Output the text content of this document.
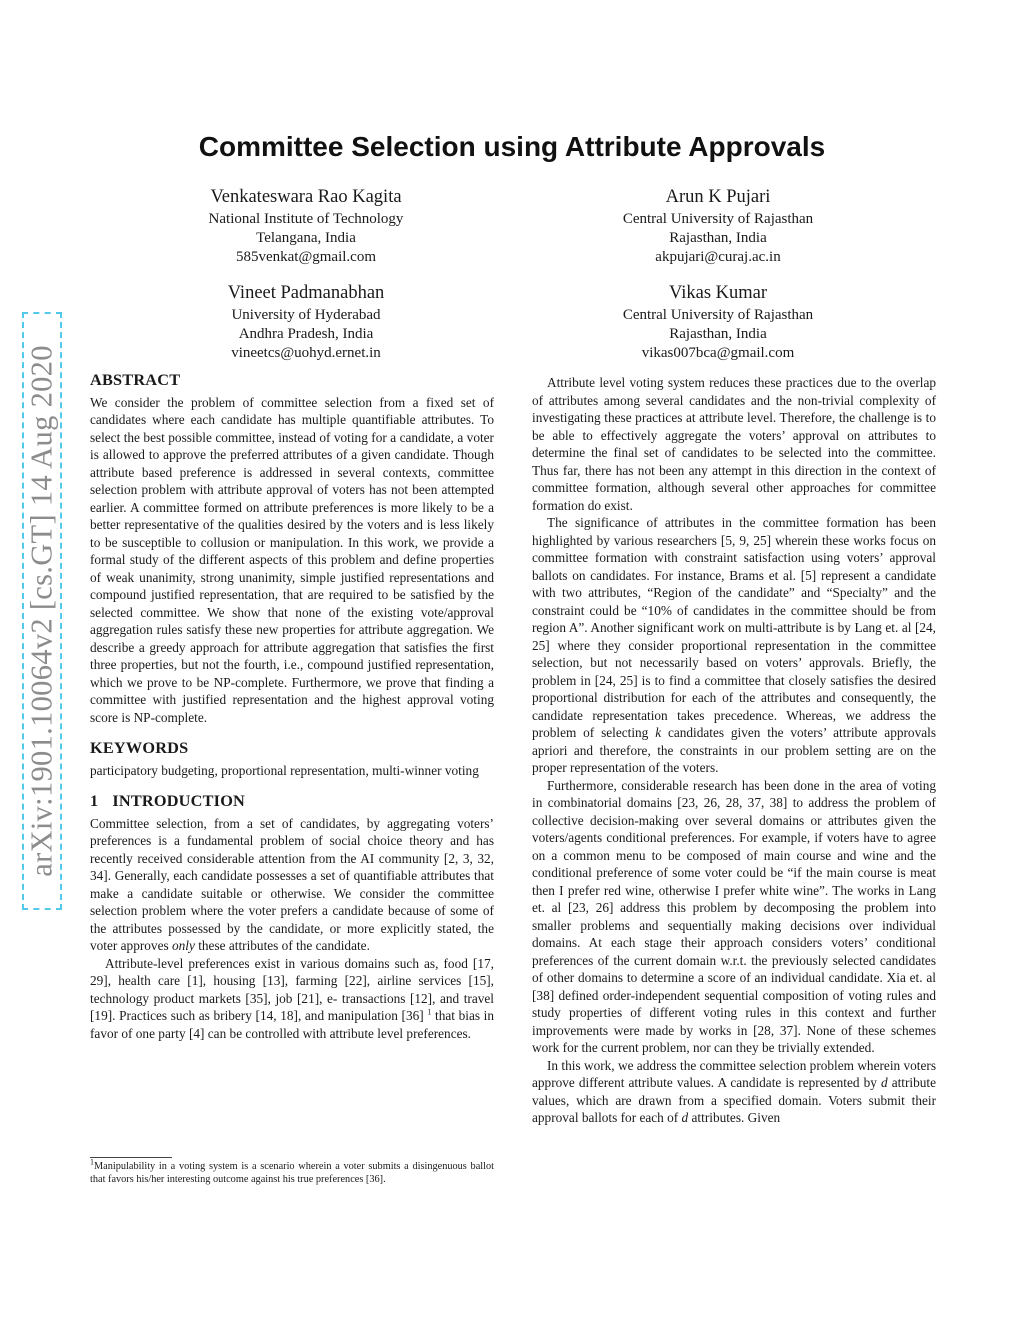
arXiv:1901.10064v2 [cs.GT] 14 Aug 2020
Committee Selection using Attribute Approvals
Venkateswara Rao Kagita
National Institute of Technology
Telangana, India
585venkat@gmail.com
Arun K Pujari
Central University of Rajasthan
Rajasthan, India
akpujari@curaj.ac.in
Vineet Padmanabhan
University of Hyderabad
Andhra Pradesh, India
vineetcs@uohyd.ernet.in
Vikas Kumar
Central University of Rajasthan
Rajasthan, India
vikas007bca@gmail.com
ABSTRACT

We consider the problem of committee selection from a fixed set of candidates where each candidate has multiple quantifiable attributes. To select the best possible committee, instead of voting for a candidate, a voter is allowed to approve the preferred attributes of a given candidate. Though attribute based preference is addressed in several contexts, committee selection problem with attribute approval of voters has not been attempted earlier. A committee formed on attribute preferences is more likely to be a better representative of the qualities desired by the voters and is less likely to be susceptible to collusion or manipulation. In this work, we provide a formal study of the different aspects of this problem and define properties of weak unanimity, strong unanimity, simple justified representations and compound justified representation, that are required to be satisfied by the selected committee. We show that none of the existing vote/approval aggregation rules satisfy these new properties for attribute aggregation. We describe a greedy approach for attribute aggregation that satisfies the first three properties, but not the fourth, i.e., compound justified representation, which we prove to be NP-complete. Furthermore, we prove that finding a committee with justified representation and the highest approval voting score is NP-complete.

KEYWORDS

participatory budgeting, proportional representation, multi-winner voting

1 INTRODUCTION

Committee selection, from a set of candidates, by aggregating voters’ preferences is a fundamental problem of social choice theory and has recently received considerable attention from the AI community [2, 3, 32, 34]. Generally, each candidate possesses a set of quantifiable attributes that make a candidate suitable or otherwise. We consider the committee selection problem where the voter prefers a candidate because of some of the attributes possessed by the candidate, or more explicitly stated, the voter approves only these attributes of the candidate.

Attribute-level preferences exist in various domains such as, food [17, 29], health care [1], housing [13], farming [22], airline services [15], technology product markets [35], job [21], e- transactions [12], and travel [19]. Practices such as bribery [14, 18], and manipulation [36] $^1$ that bias in favor of one party [4] can be controlled with attribute level preferences.

$^1$Manipulability in a voting system is a scenario wherein a voter submits a disingenuous ballot that favors his/her interesting outcome against his true preferences [36].

Attribute level voting system reduces these practices due to the overlap of attributes among several candidates and the non-trivial complexity of investigating these practices at attribute level. Therefore, the challenge is to be able to effectively aggregate the voters’ approval on attributes to determine the final set of candidates to be selected into the committee. Thus far, there has not been any attempt in this direction in the context of committee formation, although several other approaches for committee formation do exist.

The significance of attributes in the committee formation has been highlighted by various researchers [5, 9, 25] wherein these works focus on committee formation with constraint satisfaction using voters’ approval ballots on candidates. For instance, Brams et al. [5] represent a candidate with two attributes, “Region of the candidate” and “Specialty” and the constraint could be “10% of candidates in the committee should be from region A”. Another significant work on multi-attribute is by Lang et. al [24, 25] where they consider proportional representation in the committee selection, but not necessarily based on voters’ approvals. Briefly, the problem in [24, 25] is to find a committee that closely satisfies the desired proportional distribution for each of the attributes and consequently, the candidate representation takes precedence. Whereas, we address the problem of selecting k candidates given the voters’ attribute approvals apriori and therefore, the constraints in our problem setting are on the proper representation of the voters.

Furthermore, considerable research has been done in the area of voting in combinatorial domains [23, 26, 28, 37, 38] to address the problem of collective decision-making over several domains or attributes given the voters/agents conditional preferences. For example, if voters have to agree on a common menu to be composed of main course and wine and the conditional preference of some voter could be “if the main course is meat then I prefer red wine, otherwise I prefer white wine”. The works in Lang et. al [23, 26] address this problem by decomposing the problem into smaller problems and sequentially making decisions over individual domains. At each stage their approach considers voters’ conditional preferences of the current domain w.r.t. the previously selected candidates of other domains to determine a score of an individual candidate. Xia et. al [38] defined order-independent sequential composition of voting rules and study properties of different voting rules in this context and further improvements were made by works in [28, 37]. None of these schemes work for the current problem, nor can they be trivially extended.

In this work, we address the committee selection problem wherein voters approve different attribute values. A candidate is represented by d attribute values, which are drawn from a specified domain. Voters submit their approval ballots for each of d attributes. Given
